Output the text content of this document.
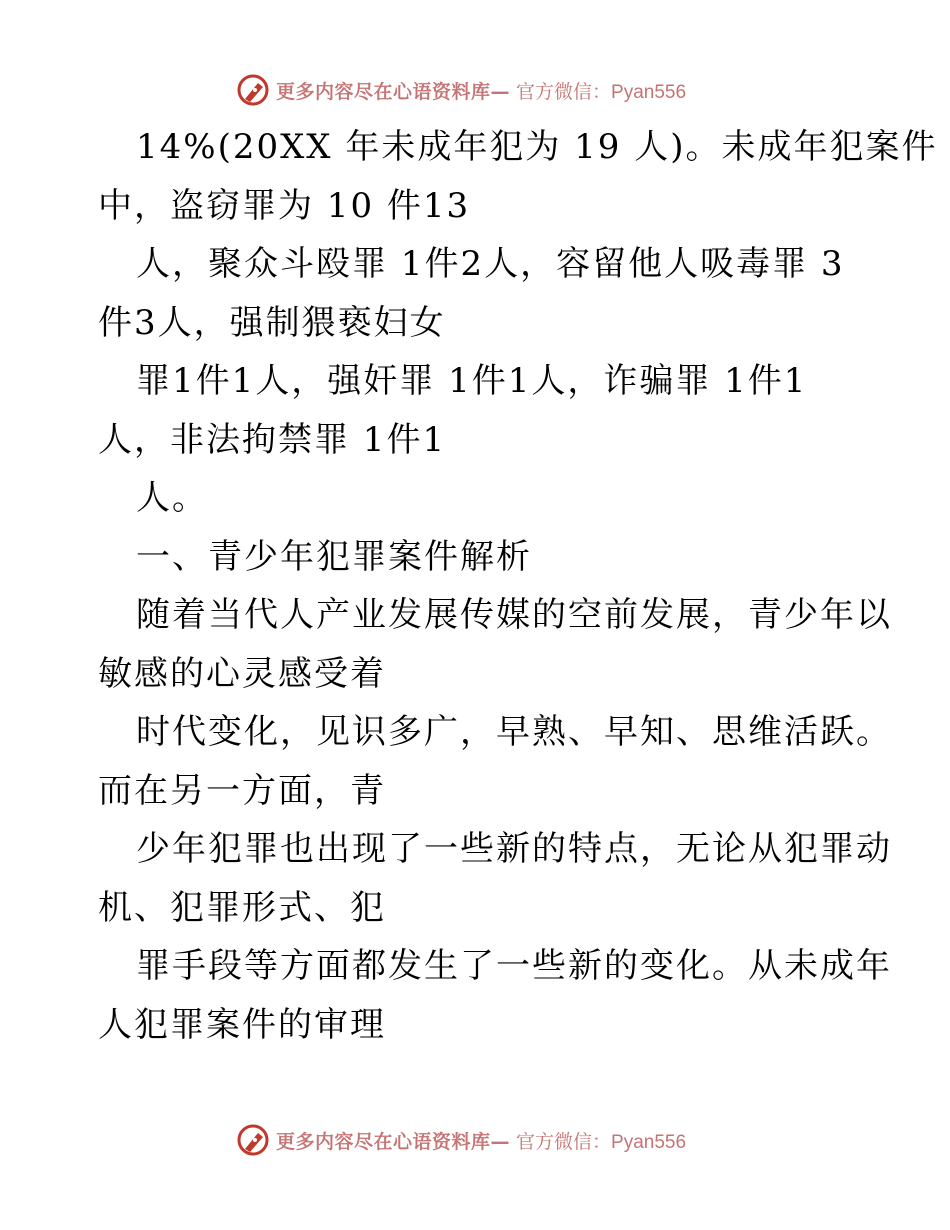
更多内容尽在心语资料库— 官方微信：Pyan556
14%(20XX 年未成年犯为 19 人)。未成年犯案件
中，盗窃罪为 10 件13
人，聚众斗殴罪 1件2人，容留他人吸毒罪 3
件3人，强制猥亵妇女
罪1件1人，强奸罪 1件1人，诈骗罪 1件1
人，非法拘禁罪 1件1
人。
一、青少年犯罪案件解析
随着当代人产业发展传媒的空前发展，青少年以
敏感的心灵感受着
时代变化，见识多广，早熟、早知、思维活跃。
而在另一方面，青
少年犯罪也出现了一些新的特点，无论从犯罪动
机、犯罪形式、犯
罪手段等方面都发生了一些新的变化。从未成年
人犯罪案件的审理
更多内容尽在心语资料库— 官方微信：Pyan556
